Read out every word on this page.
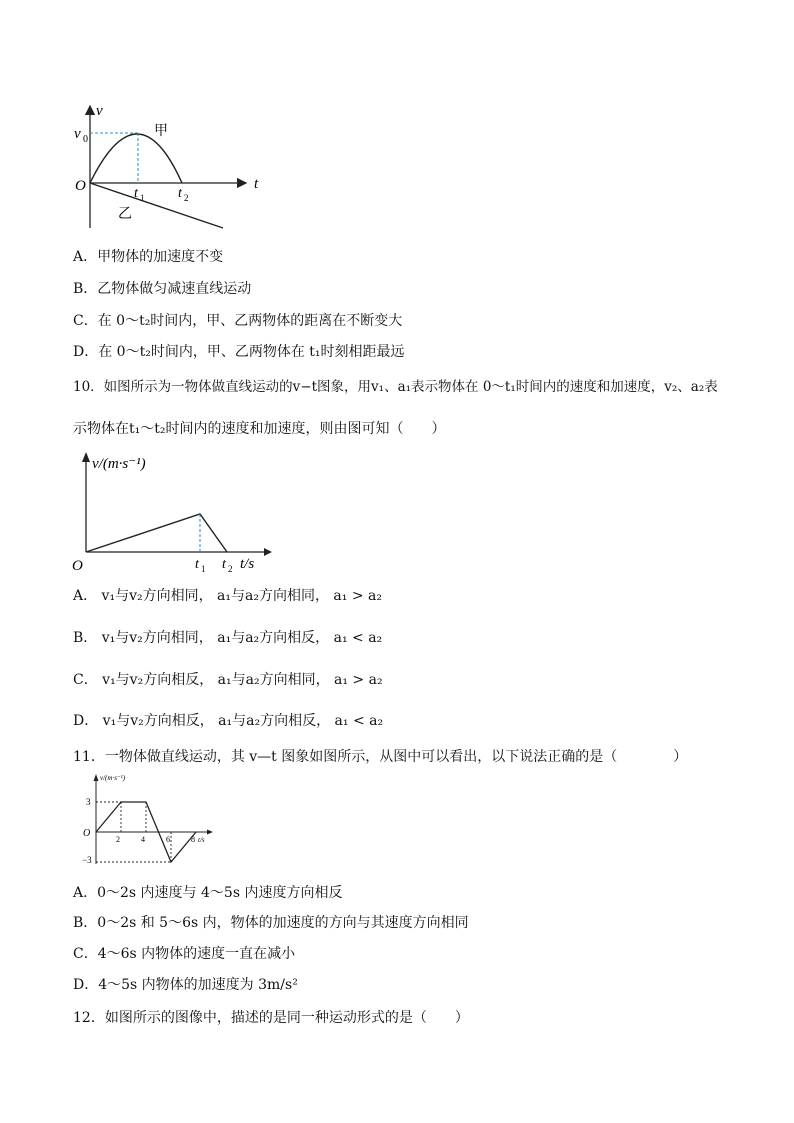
v
t
O
v 0
t 1 t 2
甲
乙
A．甲物体的加速度不变
B．乙物体做匀减速直线运动
C．在 0～t₂时间内，甲、乙两物体的距离在不断变大
D．在 0～t₂时间内，甲、乙两物体在 t₁时刻相距最远
10．如图所示为一物体做直线运动的v−t图象，用v₁、a₁表示物体在 0～t₁时间内的速度和加速度，v₂、a₂表
示物体在t₁～t₂时间内的速度和加速度，则由图可知（　　）
v/(m·s⁻¹)
O	t 1 t 2 t/s
A． v₁与v₂方向相同， a₁与a₂方向相同， a₁ > a₂
B． v₁与v₂方向相同， a₁与a₂方向相反， a₁ < a₂
C． v₁与v₂方向相反， a₁与a₂方向相同， a₁ > a₂
D． v₁与v₂方向相反， a₁与a₂方向相反， a₁ < a₂
11．一物体做直线运动，其 v—t 图象如图所示，从图中可以看出，以下说法正确的是（　　　　）
v/(m·s⁻¹)
O
3
−3
2	4	6	8 t/s
A．0～2s 内速度与 4～5s 内速度方向相反
B．0～2s 和 5～6s 内，物体的加速度的方向与其速度方向相同
C．4～6s 内物体的速度一直在减小
D．4～5s 内物体的加速度为 3m/s²
12．如图所示的图像中，描述的是同一种运动形式的是（　　）
